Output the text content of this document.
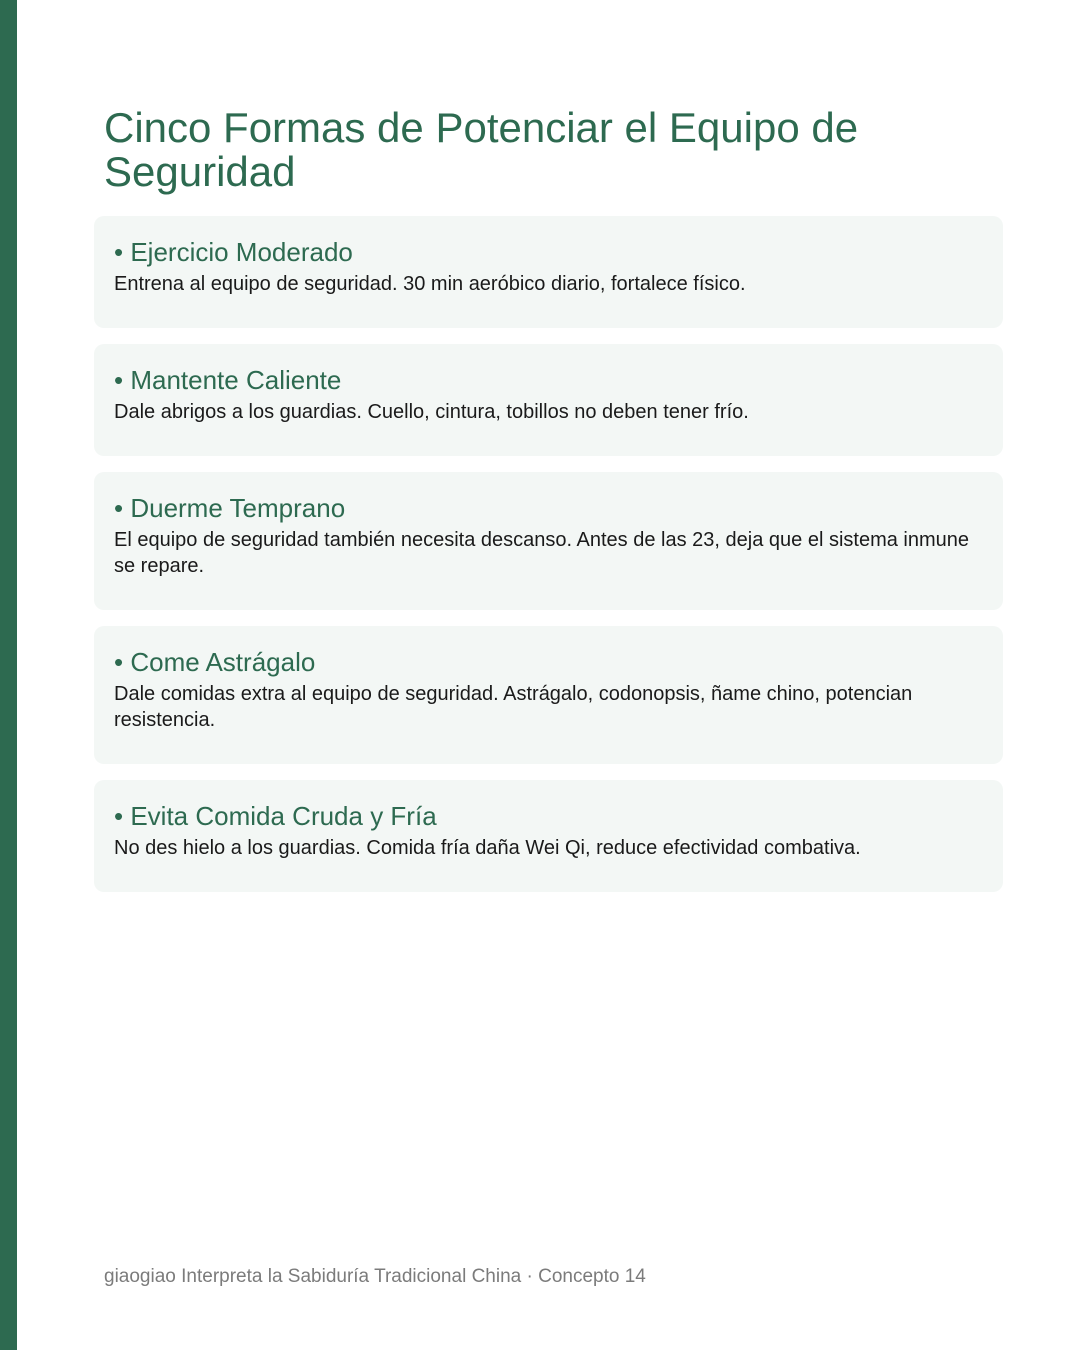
Cinco Formas de Potenciar el Equipo de Seguridad
• Ejercicio Moderado

Entrena al equipo de seguridad. 30 min aeróbico diario, fortalece físico.

• Mantente Caliente

Dale abrigos a los guardias. Cuello, cintura, tobillos no deben tener frío.

• Duerme Temprano

El equipo de seguridad también necesita descanso. Antes de las 23, deja que el sistema inmune se repare.

• Come Astrágalo

Dale comidas extra al equipo de seguridad. Astrágalo, codonopsis, ñame chino, potencian resistencia.

• Evita Comida Cruda y Fría

No des hielo a los guardias. Comida fría daña Wei Qi, reduce efectividad combativa.

giaogiao Interpreta la Sabiduría Tradicional China · Concepto 14
